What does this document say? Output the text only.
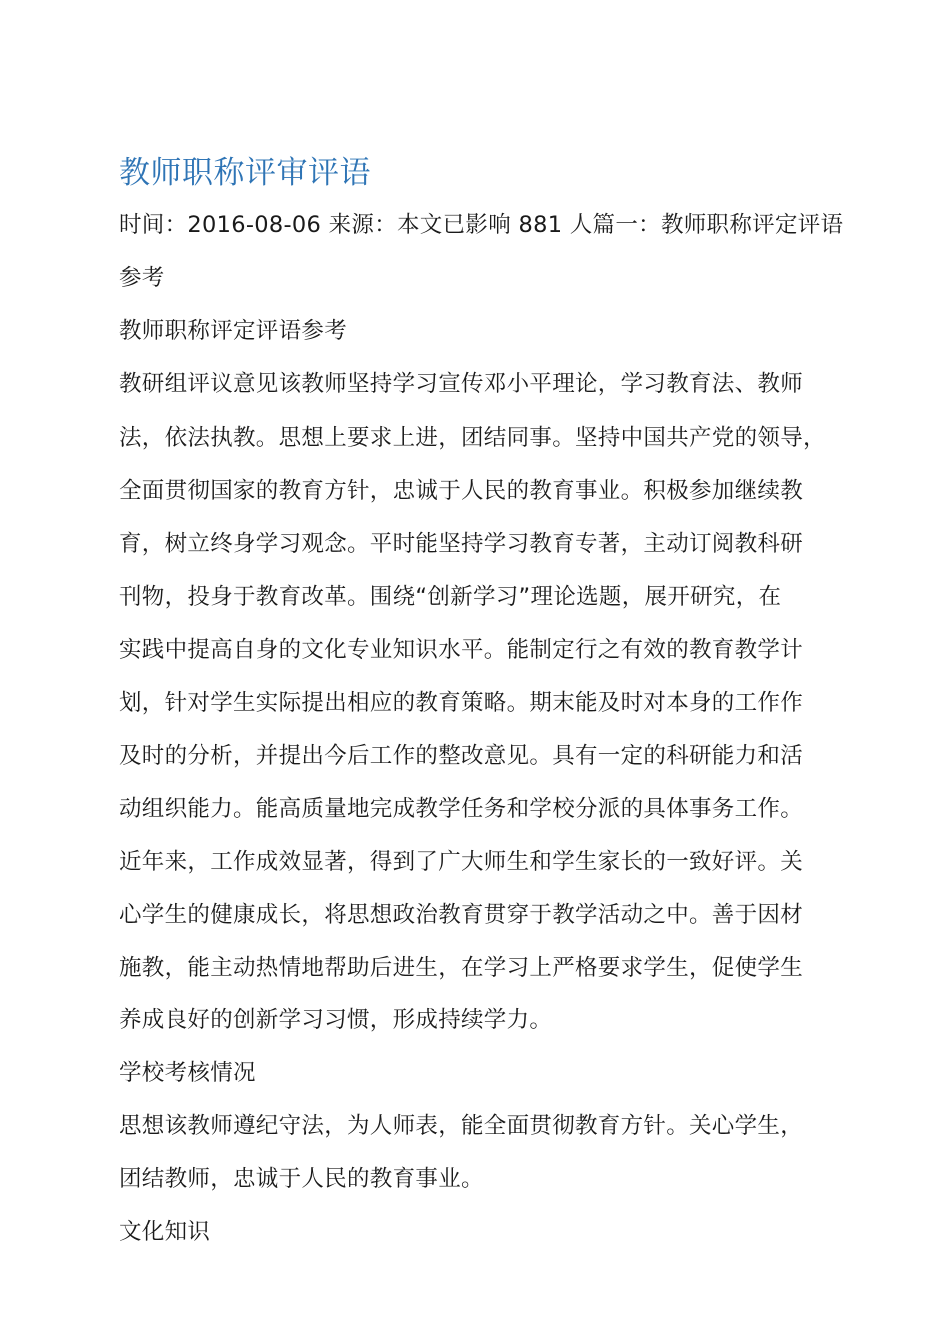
教师职称评审评语

时间：2016-08-06 来源：本文已影响 881 人篇一：教师职称评定评语

参考

教师职称评定评语参考

教研组评议意见该教师坚持学习宣传邓小平理论，学习教育法、教师

法，依法执教。思想上要求上进，团结同事。坚持中国共产党的领导，

全面贯彻国家的教育方针，忠诚于人民的教育事业。积极参加继续教

育，树立终身学习观念。平时能坚持学习教育专著，主动订阅教科研

刊物，投身于教育改革。围绕“创新学习”理论选题，展开研究，在

实践中提高自身的文化专业知识水平。能制定行之有效的教育教学计

划，针对学生实际提出相应的教育策略。期末能及时对本身的工作作

及时的分析，并提出今后工作的整改意见。具有一定的科研能力和活

动组织能力。能高质量地完成教学任务和学校分派的具体事务工作。

近年来，工作成效显著，得到了广大师生和学生家长的一致好评。关

心学生的健康成长，将思想政治教育贯穿于教学活动之中。善于因材

施教，能主动热情地帮助后进生，在学习上严格要求学生，促使学生

养成良好的创新学习习惯，形成持续学力。

学校考核情况

思想该教师遵纪守法，为人师表，能全面贯彻教育方针。关心学生，

团结教师，忠诚于人民的教育事业。

文化知识
